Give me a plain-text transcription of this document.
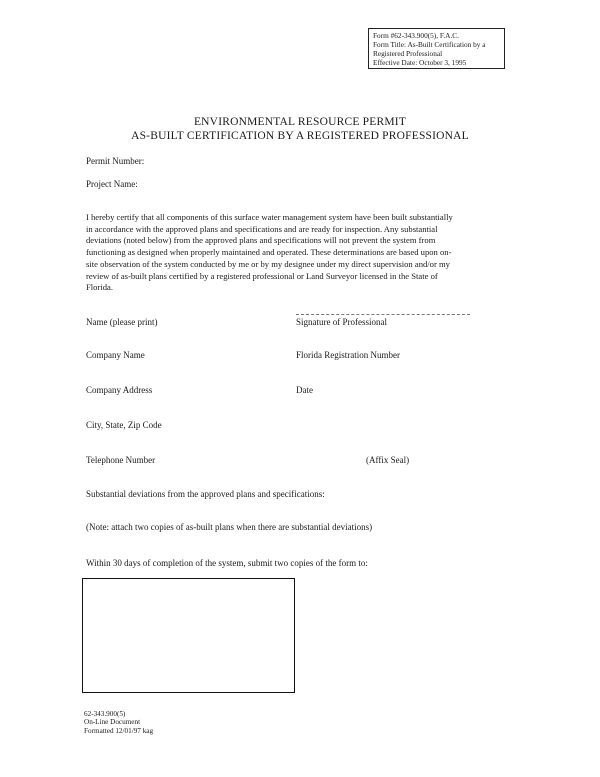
Form #62-343.900(5), F.A.C.
Form Title: As-Built Certification by a
Registered Professional
Effective Date: October 3, 1995
ENVIRONMENTAL RESOURCE PERMIT
AS-BUILT CERTIFICATION BY A REGISTERED PROFESSIONAL
Permit Number:
Project Name:
I hereby certify that all components of this surface water management system have been built substantially
in accordance with the approved plans and specifications and are ready for inspection. Any substantial
deviations (noted below) from the approved plans and specifications will not prevent the system from
functioning as designed when properly maintained and operated. These determinations are based upon on-
site observation of the system conducted by me or by my designee under my direct supervision and/or my
review of as-built plans certified by a registered professional or Land Surveyor licensed in the State of
Florida.
Name (please print)	Signature of Professional
Company Name	Florida Registration Number
Company Address	Date
City, State, Zip Code
Telephone Number	(Affix Seal)
Substantial deviations from the approved plans and specifications:
(Note: attach two copies of as-built plans when there are substantial deviations)
Within 30 days of completion of the system, submit two copies of the form to:
62-343.900(5)
On-Line Document
Formatted 12/01/97 kag
